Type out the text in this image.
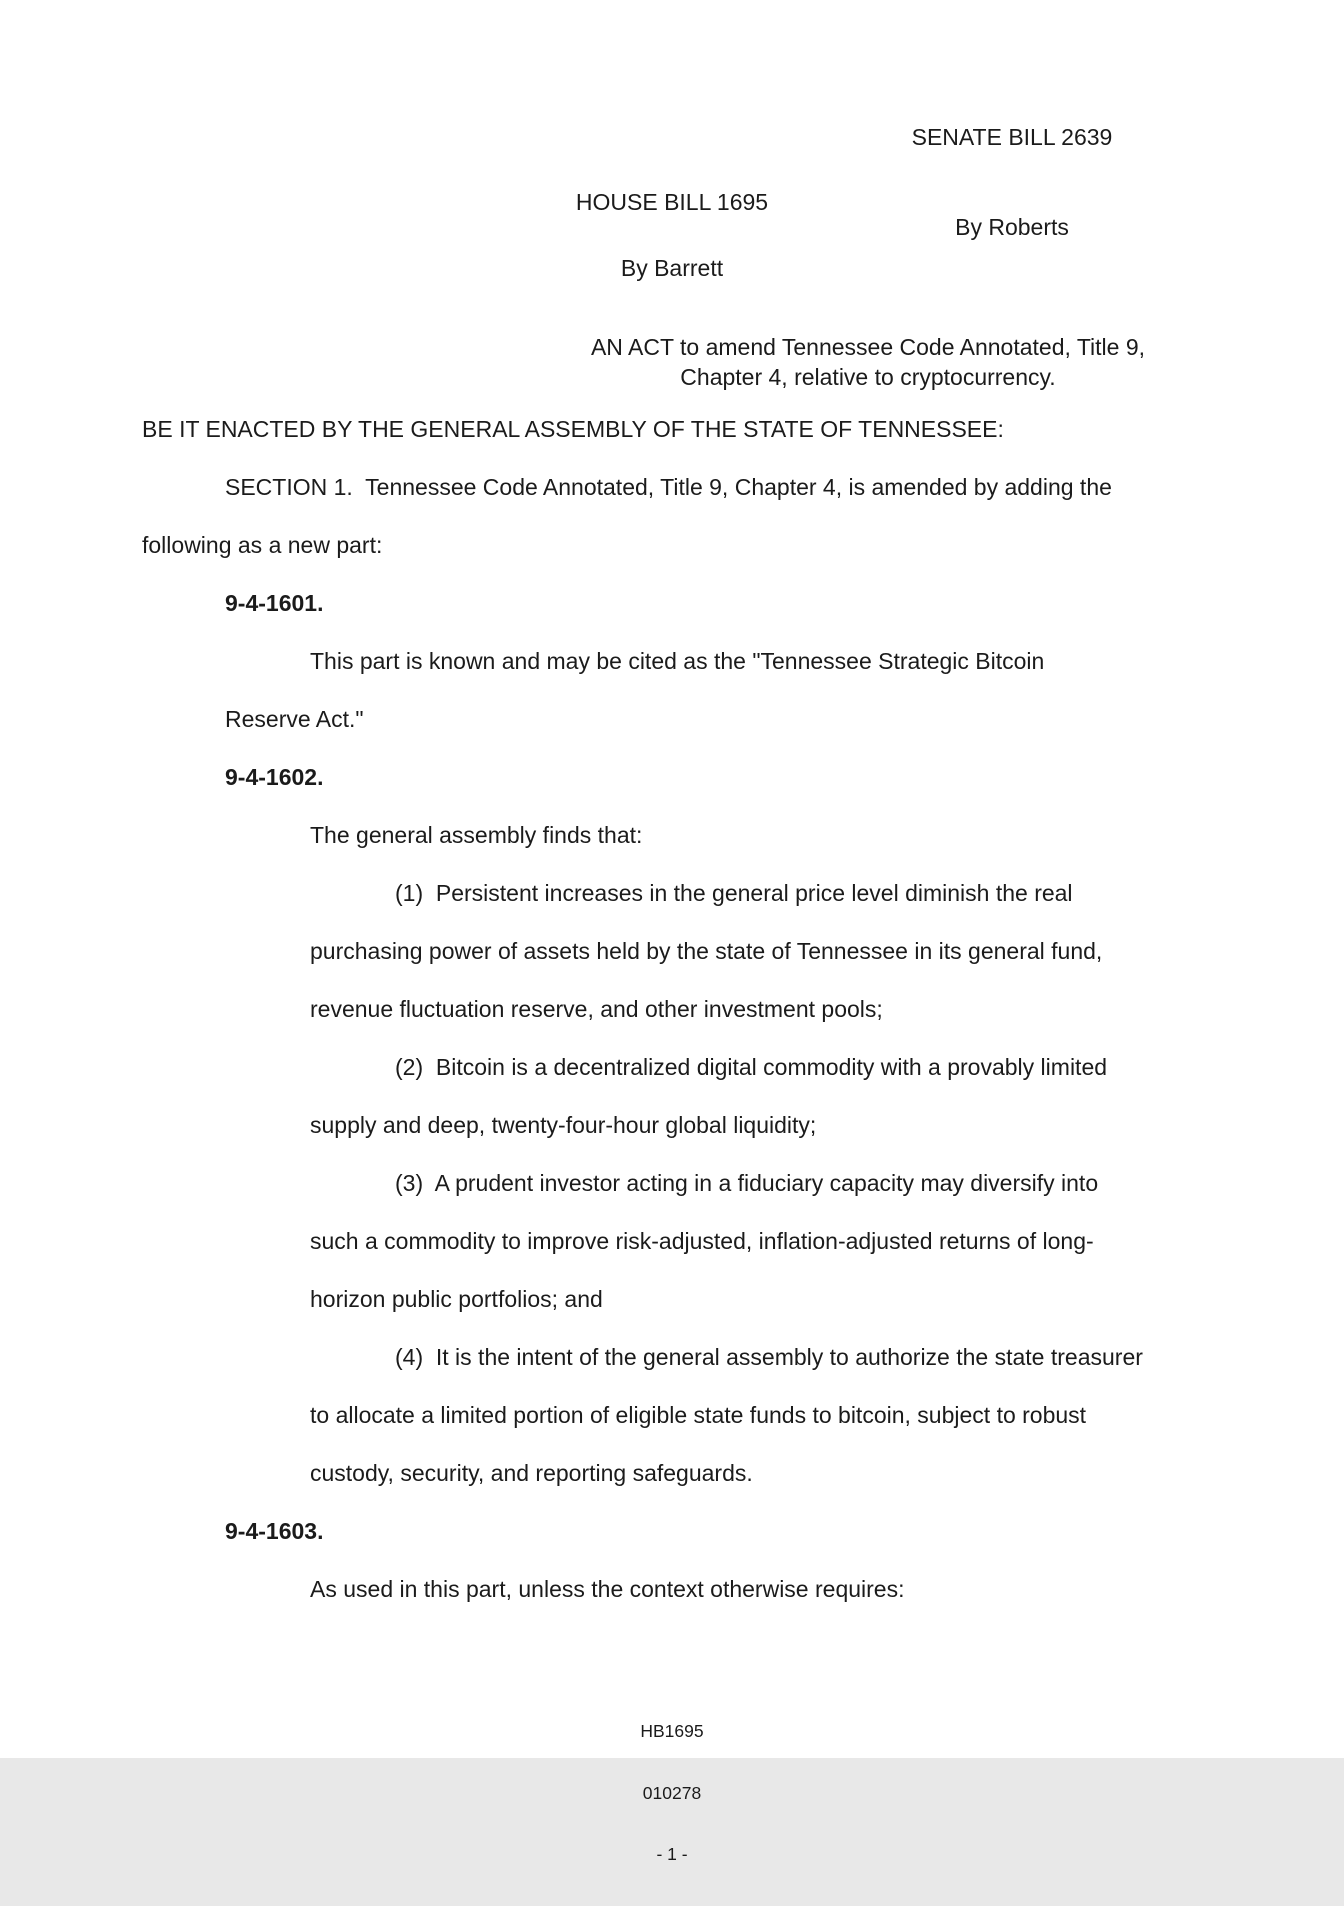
SENATE BILL 2639

By Roberts

HOUSE BILL 1695
By Barrett
AN ACT to amend Tennessee Code Annotated, Title 9,
Chapter 4, relative to cryptocurrency.
BE IT ENACTED BY THE GENERAL ASSEMBLY OF THE STATE OF TENNESSEE:
SECTION 1.  Tennessee Code Annotated, Title 9, Chapter 4, is amended by adding the
following as a new part:
9-4-1601.
This part is known and may be cited as the "Tennessee Strategic Bitcoin
Reserve Act."
9-4-1602.
The general assembly finds that:
(1)  Persistent increases in the general price level diminish the real
purchasing power of assets held by the state of Tennessee in its general fund,
revenue fluctuation reserve, and other investment pools;
(2)  Bitcoin is a decentralized digital commodity with a provably limited
supply and deep, twenty-four-hour global liquidity;
(3)  A prudent investor acting in a fiduciary capacity may diversify into
such a commodity to improve risk-adjusted, inflation-adjusted returns of long-
horizon public portfolios; and
(4)  It is the intent of the general assembly to authorize the state treasurer
to allocate a limited portion of eligible state funds to bitcoin, subject to robust
custody, security, and reporting safeguards.
9-4-1603.
As used in this part, unless the context otherwise requires:

HB1695

010278

- 1 -
